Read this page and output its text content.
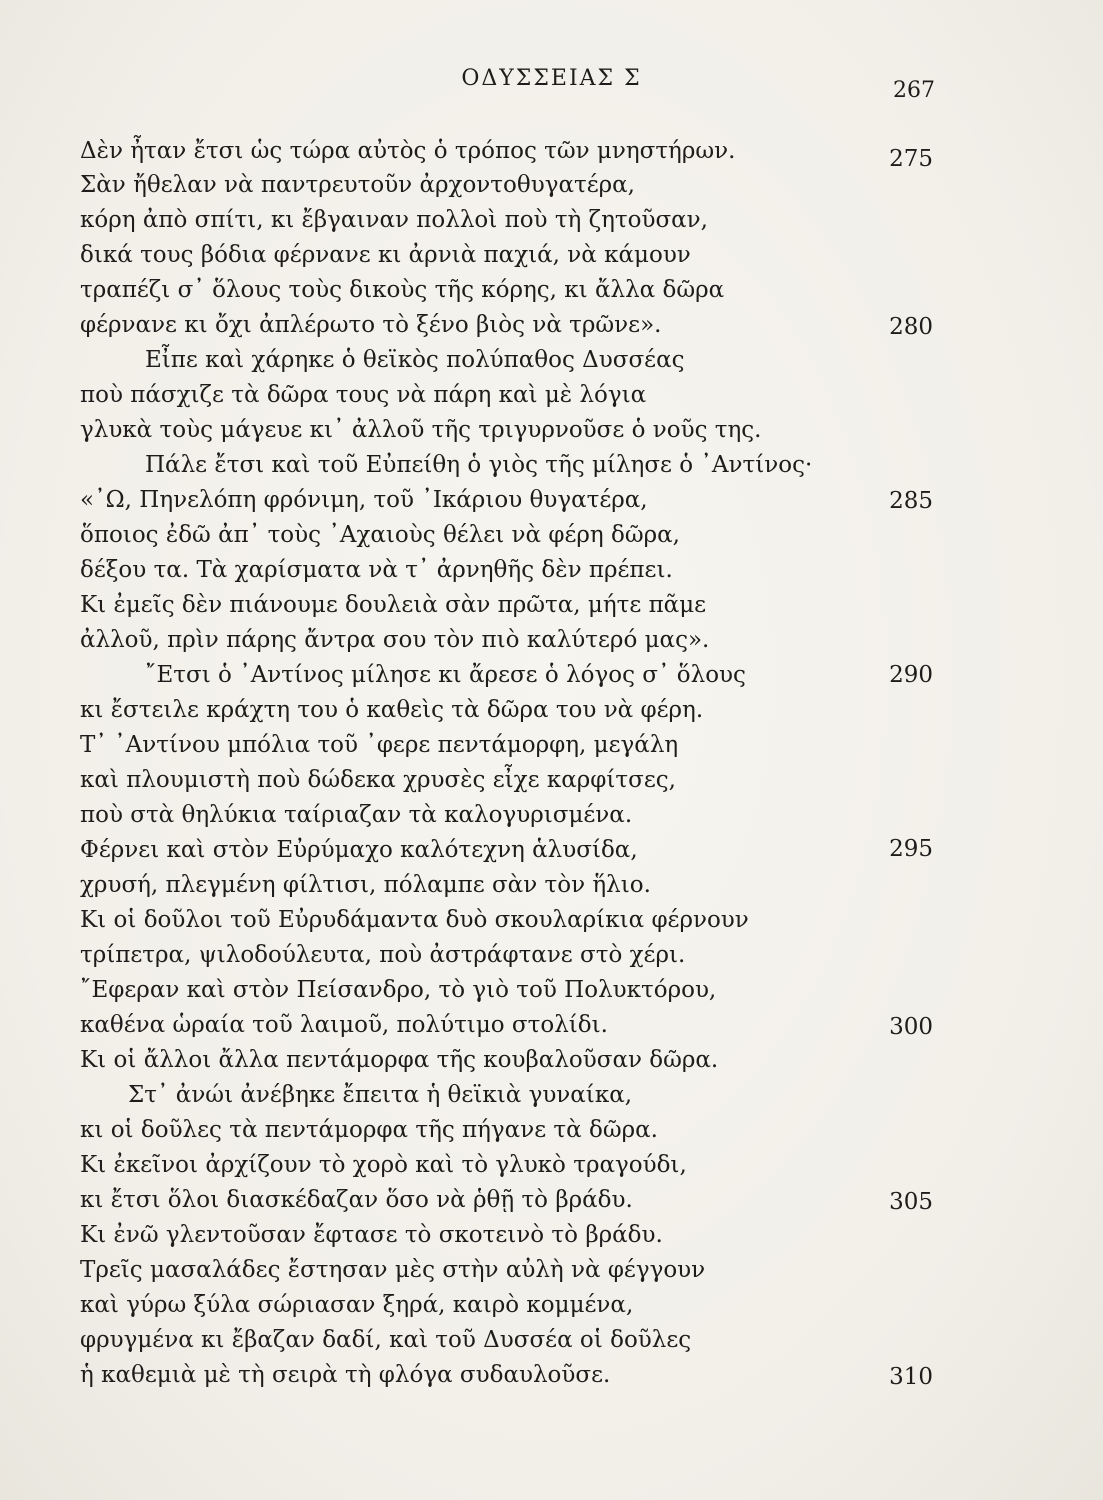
ΟΔΥΣΣΕΙΑΣ Σ	267
Δὲν ἦταν ἔτσι ὡς τώρα αὐτὸς ὁ τρόπος τῶν μνηστήρων.	275
Σὰν ἤθελαν νὰ παντρευτοῦν ἀρχοντοθυγατέρα,
κόρη ἀπὸ σπίτι, κι ἔβγαιναν πολλοὶ ποὺ τὴ ζητοῦσαν,
δικά τους βόδια φέρνανε κι ἀρνιὰ παχιά, νὰ κάμουν
τραπέζι σ᾽ ὅλους τοὺς δικοὺς τῆς κόρης, κι ἄλλα δῶρα
φέρνανε κι ὄχι ἀπλέρωτο τὸ ξένο βιὸς νὰ τρῶνε».	280
Εἶπε καὶ χάρηκε ὁ θεϊκὸς πολύπαθος Δυσσέας
ποὺ πάσχιζε τὰ δῶρα τους νὰ πάρη καὶ μὲ λόγια
γλυκὰ τοὺς μάγευε κι᾽ ἀλλοῦ τῆς τριγυρνοῦσε ὁ νοῦς της.
Πάλε ἔτσι καὶ τοῦ Εὐπείθη ὁ γιὸς τῆς μίλησε ὁ ᾽Αντίνος·
«᾽Ω, Πηνελόπη φρόνιμη, τοῦ ᾽Ικάριου θυγατέρα,	285
ὅποιος ἐδῶ ἀπ᾽ τοὺς ᾽Αχαιοὺς θέλει νὰ φέρη δῶρα,
δέξου τα. Τὰ χαρίσματα νὰ τ᾽ ἀρνηθῆς δὲν πρέπει.
Κι ἐμεῖς δὲν πιάνουμε δουλειὰ σὰν πρῶτα, μήτε πᾶμε
ἀλλοῦ, πρὶν πάρης ἄντρα σου τὸν πιὸ καλύτερό μας».
῎Ετσι ὁ ᾽Αντίνος μίλησε κι ἄρεσε ὁ λόγος σ᾽ ὅλους	290
κι ἔστειλε κράχτη του ὁ καθεὶς τὰ δῶρα του νὰ φέρη.
Τ᾽ ᾽Αντίνου μπόλια τοῦ ᾽φερε πεντάμορφη, μεγάλη
καὶ πλουμιστὴ ποὺ δώδεκα χρυσὲς εἶχε καρφίτσες,
ποὺ στὰ θηλύκια ταίριαζαν τὰ καλογυρισμένα.
Φέρνει καὶ στὸν Εὐρύμαχο καλότεχνη ἁλυσίδα,	295
χρυσή, πλεγμένη φίλτισι, πόλαμπε σὰν τὸν ἥλιο.
Κι οἱ δοῦλοι τοῦ Εὐρυδάμαντα δυὸ σκουλαρίκια φέρνουν
τρίπετρα, ψιλοδούλευτα, ποὺ ἀστράφτανε στὸ χέρι.
῎Εφεραν καὶ στὸν Πείσανδρο, τὸ γιὸ τοῦ Πολυκτόρου,
καθένα ὡραία τοῦ λαιμοῦ, πολύτιμο στολίδι.	300
Κι οἱ ἄλλοι ἄλλα πεντάμορφα τῆς κουβαλοῦσαν δῶρα.
Στ᾽ ἀνώι ἀνέβηκε ἔπειτα ἡ θεϊκιὰ γυναίκα,
κι οἱ δοῦλες τὰ πεντάμορφα τῆς πήγανε τὰ δῶρα.
Κι ἐκεῖνοι ἀρχίζουν τὸ χορὸ καὶ τὸ γλυκὸ τραγούδι,
κι ἔτσι ὅλοι διασκέδαζαν ὅσο νὰ ῥθῇ τὸ βράδυ.	305
Κι ἐνῶ γλεντοῦσαν ἔφτασε τὸ σκοτεινὸ τὸ βράδυ.
Τρεῖς μασαλάδες ἔστησαν μὲς στὴν αὐλὴ νὰ φέγγουν
καὶ γύρω ξύλα σώριασαν ξηρά, καιρὸ κομμένα,
φρυγμένα κι ἔβαζαν δαδί, καὶ τοῦ Δυσσέα οἱ δοῦλες
ἡ καθεμιὰ μὲ τὴ σειρὰ τὴ φλόγα συδαυλοῦσε.	310
